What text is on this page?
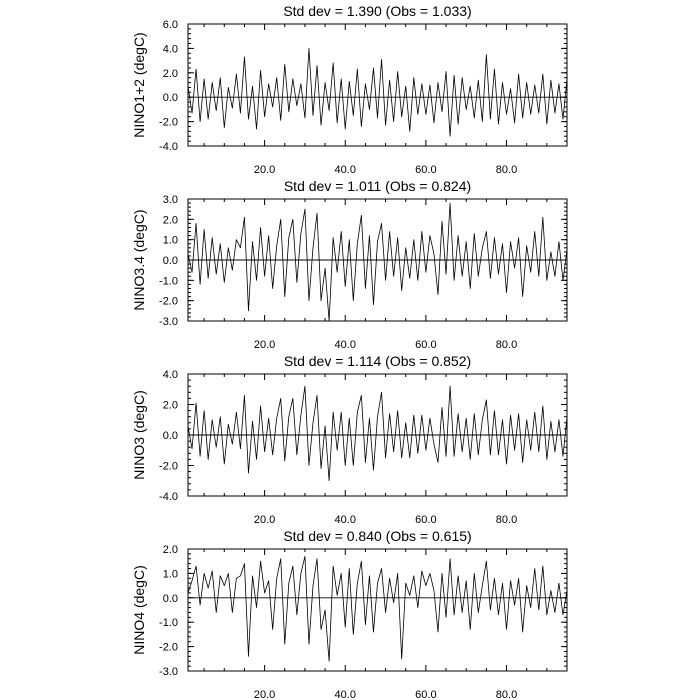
-4.0
-2.0
0.0
2.0
4.0
6.0
20.0	40.0	60.0	80.0
Std dev = 1.390 (Obs = 1.033)
NINO1+2 (degC)
-3.0
-2.0
-1.0
0.0
1.0
2.0
3.0
20.0	40.0	60.0	80.0
Std dev = 1.011 (Obs = 0.824)
NINO3.4 (degC)
-4.0
-2.0
0.0
2.0
4.0
20.0	40.0	60.0	80.0
Std dev = 1.114 (Obs = 0.852)
NINO3 (degC)
-3.0
-2.0
-1.0
0.0
1.0
2.0
20.0	40.0	60.0	80.0
Std dev = 0.840 (Obs = 0.615)
NINO4 (degC)
